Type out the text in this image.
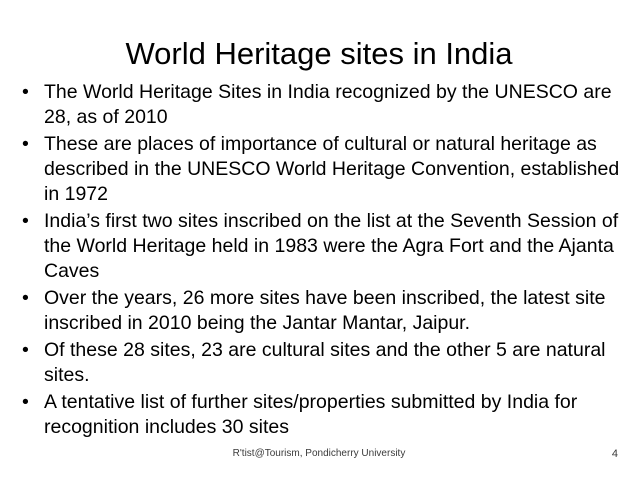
World Heritage sites in India
• The World Heritage Sites in India recognized by the UNESCO are 28, as of 2010
• These are places of importance of cultural or natural heritage as described in the UNESCO World Heritage Convention, established in 1972
• India’s first two sites inscribed on the list at the Seventh Session of the World Heritage held in 1983 were the Agra Fort and the Ajanta Caves
• Over the years, 26 more sites have been inscribed, the latest site inscribed in 2010 being the Jantar Mantar, Jaipur.
• Of these 28 sites, 23 are cultural sites and the other 5 are natural sites.
• A tentative list of further sites/properties submitted by India for recognition includes 30 sites
R'tist@Tourism, Pondicherry University	4
